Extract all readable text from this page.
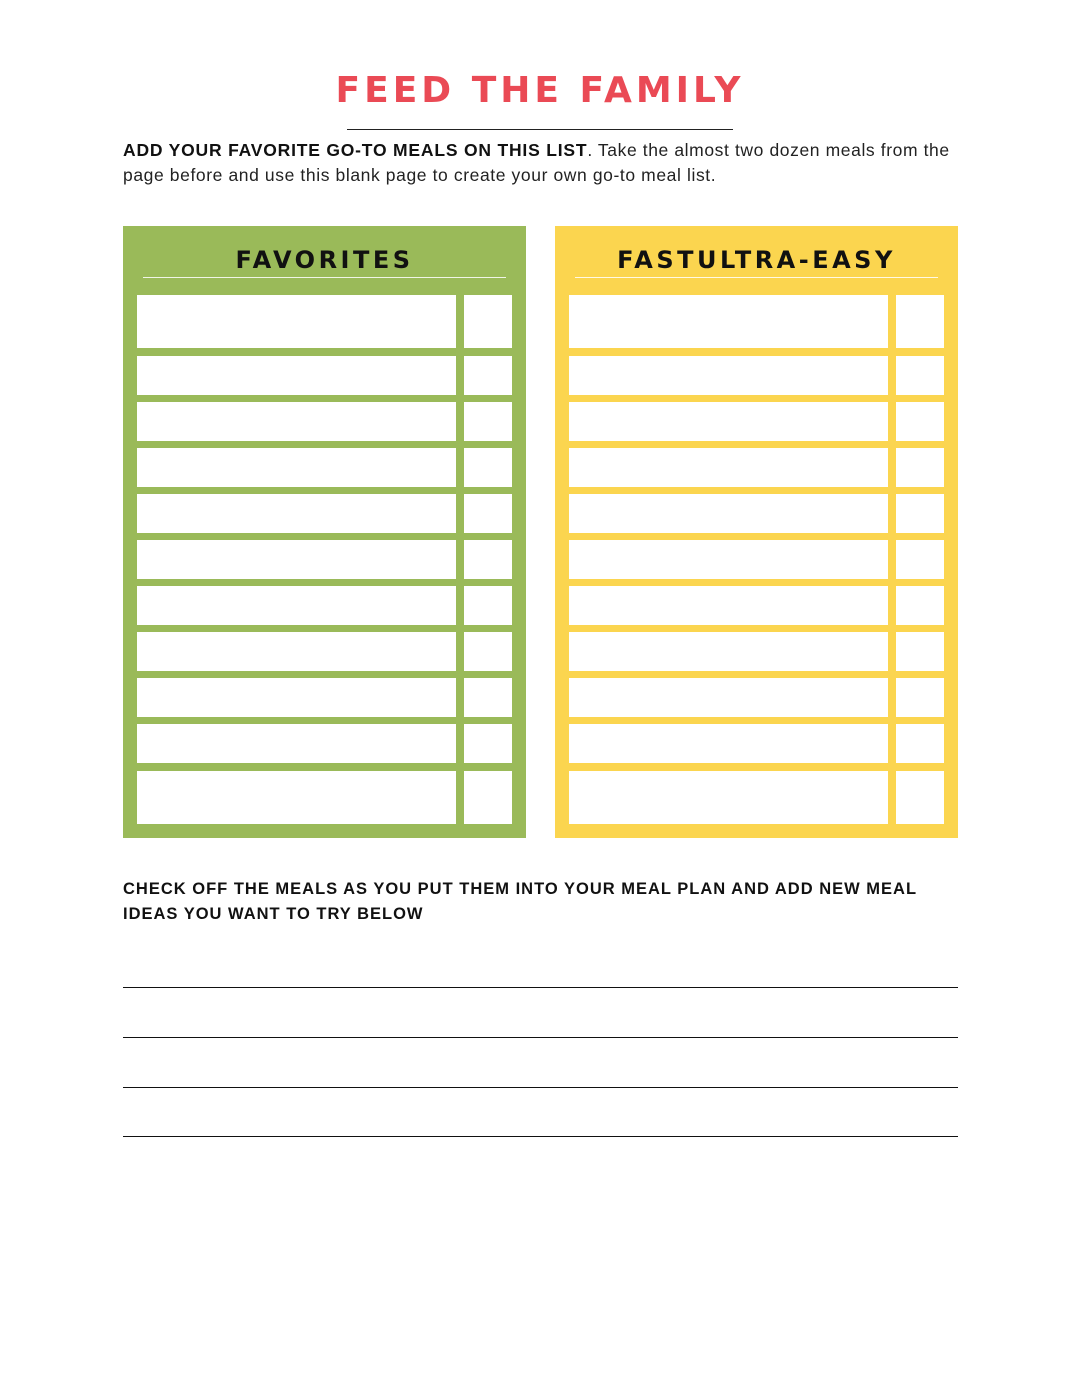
FEED THE FAMILY
ADD YOUR FAVORITE GO-TO MEALS ON THIS LIST. Take the almost two dozen meals from the page before and use this blank page to create your own go-to meal list.
FAVORITES	FASTULTRA-EASY
CHECK OFF THE MEALS AS YOU PUT THEM INTO YOUR MEAL PLAN AND ADD NEW MEAL IDEAS YOU WANT TO TRY BELOW
